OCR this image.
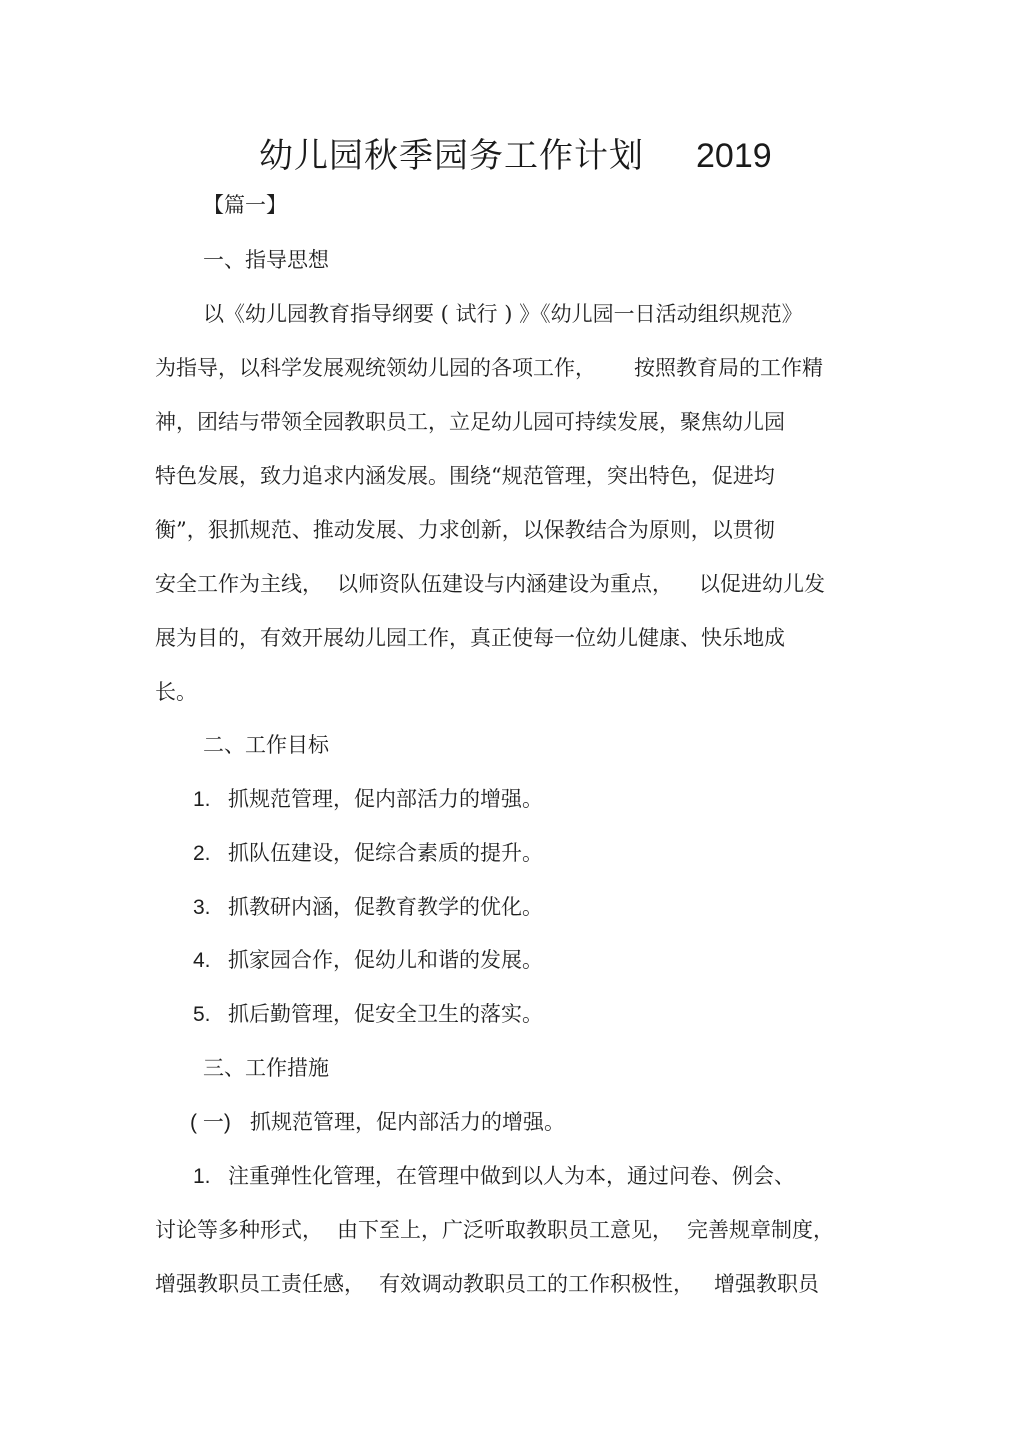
幼儿园秋季园务工作计划 2019
【篇一】
一、指导思想
以《幼儿园教育指导纲要 ( 试行 ) 》《幼儿园一日活动组织规范》
为指导，以科学发展观统领幼儿园的各项工作， 按照教育局的工作精
神，团结与带领全园教职员工，立足幼儿园可持续发展，聚焦幼儿园
特色发展，致力追求内涵发展。围绕“规范管理，突出特色，促进均
衡”，狠抓规范、推动发展、力求创新，以保教结合为原则，以贯彻
安全工作为主线， 以师资队伍建设与内涵建设为重点， 以促进幼儿发
展为目的，有效开展幼儿园工作，真正使每一位幼儿健康、快乐地成
长。
二、工作目标
1. 抓规范管理，促内部活力的增强。
2. 抓队伍建设，促综合素质的提升。
3. 抓教研内涵，促教育教学的优化。
4. 抓家园合作，促幼儿和谐的发展。
5. 抓后勤管理，促安全卫生的落实。
三、工作措施
( 一) 抓规范管理，促内部活力的增强。
1. 注重弹性化管理，在管理中做到以人为本，通过问卷、例会、
讨论等多种形式， 由下至上，广泛听取教职员工意见， 完善规章制度，
增强教职员工责任感， 有效调动教职员工的工作积极性， 增强教职员
